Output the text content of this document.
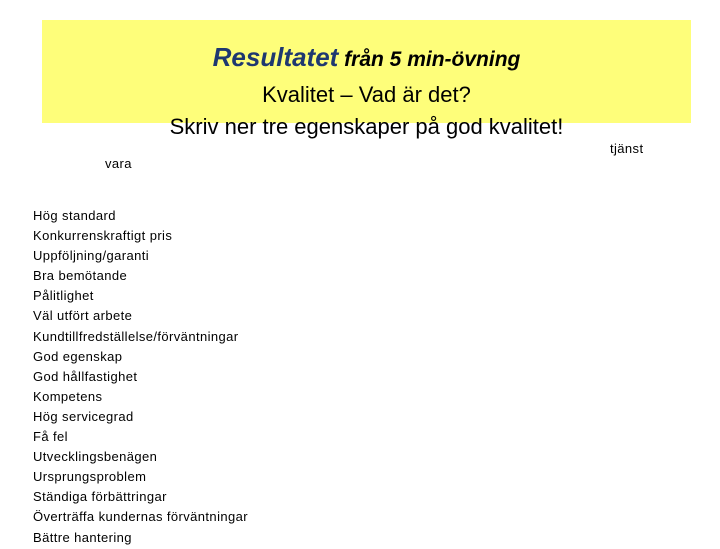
Resultatet från 5 min-övning
Kvalitet – Vad är det?
Skriv ner tre egenskaper på god kvalitet!
vara
tjänst
Hög standard
Konkurrenskraftigt pris
Uppföljning/garanti
Bra bemötande
Pålitlighet
Väl utfört arbete
Kundtillfredställelse/förväntningar
God egenskap
God hållfastighet
Kompetens
Hög servicegrad
Få fel
Utvecklingsbenägen
Ursprungsproblem
Ständiga förbättringar
Överträffa kundernas förväntningar
Bättre hantering
